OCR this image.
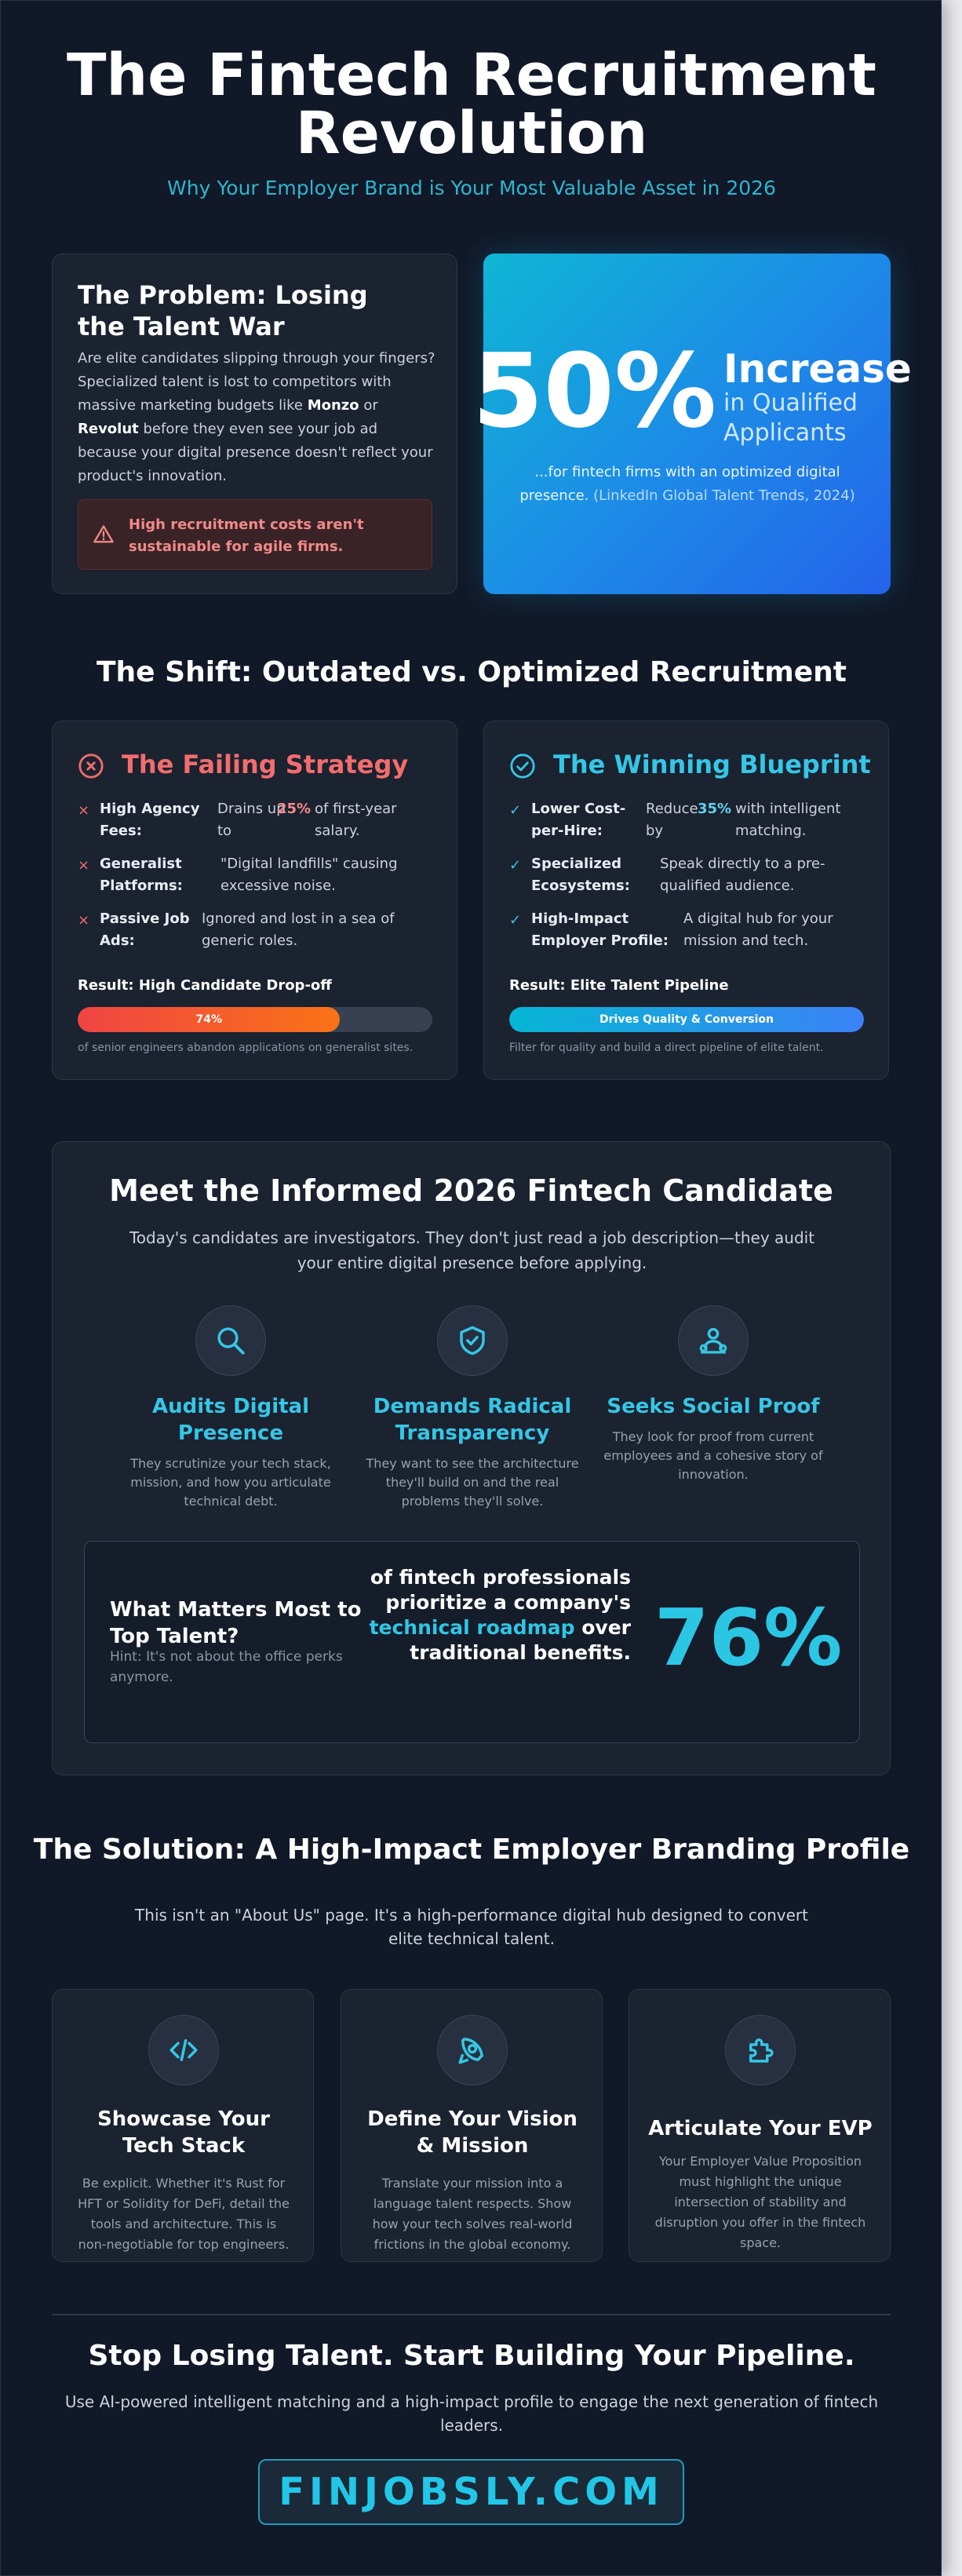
The Fintech Recruitment Revolution
Why Your Employer Brand is Your Most Valuable Asset in 2026
The Problem: Losing the Talent War

Are elite candidates slipping through your fingers? Specialized talent is lost to competitors with massive marketing budgets like Monzo or Revolut before they even see your job ad because your digital presence doesn't reflect your product's innovation.

High recruitment costs aren't sustainable for agile firms.
50% Increase
in Qualified Applicants
...for fintech firms with an optimized digital presence. (LinkedIn Global Talent Trends, 2024)
The Shift: Outdated vs. Optimized Recruitment
The Failing Strategy
× High Agency Fees:
Drains up to
25% of first-year salary.
× Generalist Platforms:
"Digital landfills" causing excessive noise.
× Passive Job Ads:
Ignored and lost in a sea of generic roles.
Result: High Candidate Drop-off
74%
of senior engineers abandon applications on generalist sites.
The Winning Blueprint
✓ Lower Cost-per-Hire:
Reduce by
35% with intelligent matching.
✓ Specialized Ecosystems:
Speak directly to a pre-qualified audience.
✓ High-Impact Employer Profile:
A digital hub for your mission and tech.
Result: Elite Talent Pipeline
Drives Quality & Conversion
Filter for quality and build a direct pipeline of elite talent.
Meet the Informed 2026 Fintech Candidate
Today's candidates are investigators. They don't just read a job description—they audit your entire digital presence before applying.
Audits Digital Presence

They scrutinize your tech stack, mission, and how you articulate technical debt.

Demands Radical Transparency

They want to see the architecture they'll build on and the real problems they'll solve.

Seeks Social Proof

They look for proof from current employees and a cohesive story of innovation.

What Matters Most to Top Talent?
Hint: It's not about the office perks anymore.
of fintech professionals prioritize a company's technical roadmap over traditional benefits. 76%
The Solution: A High-Impact Employer Branding Profile
This isn't an "About Us" page. It's a high-performance digital hub designed to convert elite technical talent.
Showcase Your Tech Stack

Be explicit. Whether it's Rust for HFT or Solidity for DeFi, detail the tools and architecture. This is non-negotiable for top engineers.

Define Your Vision & Mission

Translate your mission into a language talent respects. Show how your tech solves real-world frictions in the global economy.

Articulate Your EVP

Your Employer Value Proposition must highlight the unique intersection of stability and disruption you offer in the fintech space.

Stop Losing Talent. Start Building Your Pipeline.
Use AI-powered intelligent matching and a high-impact profile to engage the next generation of fintech leaders.
FINJOBSLY.COM
